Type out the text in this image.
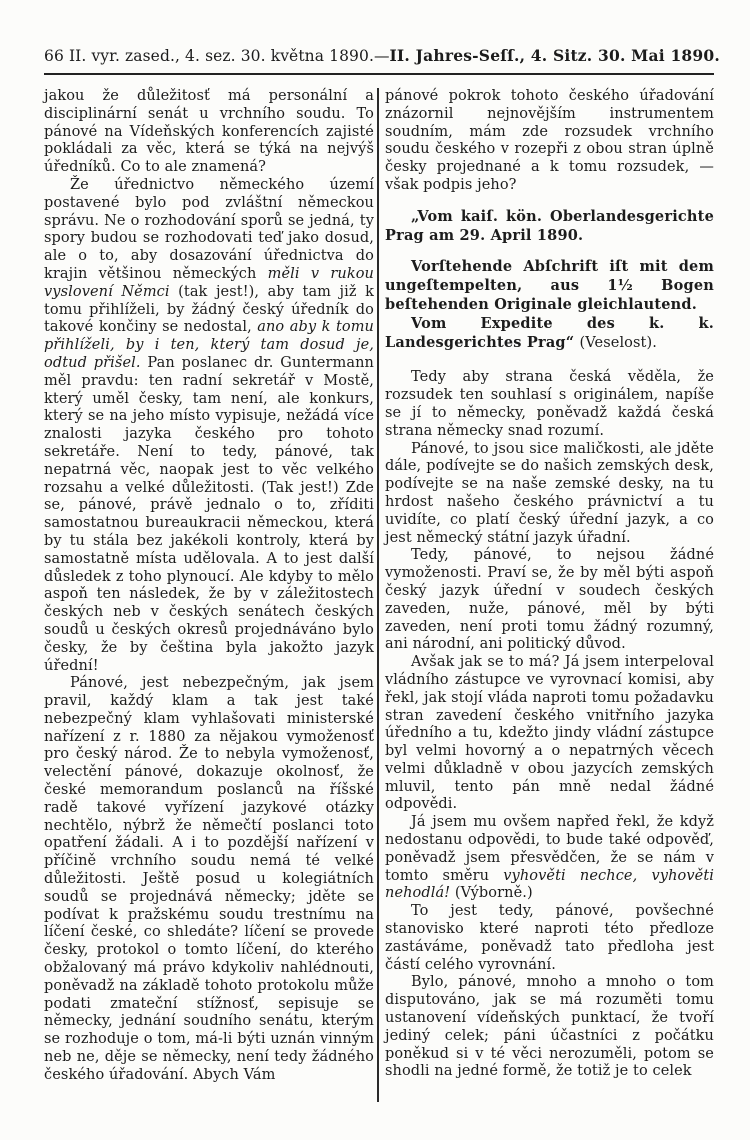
66 II. vyr. zased., 4. sez. 30. května 1890. — II. Jahres-Seſſ., 4. Sitz. 30. Mai 1890.

jakou že důležitosť má personální a disciplinární senát u vrchního soudu. To pánové na Vídeňských konferencích zajisté pokládali za věc, která se týká na nejvýš úředníků. Co to ale znamená?

Že úřednictvo německého území postavené bylo pod zvláštní německou správu. Ne o rozhodování sporů se jedná, ty spory budou se rozhodovati teď jako dosud, ale o to, aby dosazování úřednictva do krajin většinou německých měli v rukou vyslovení Němci (tak jest!), aby tam již k tomu přihlíželi, by žádný český úředník do takové končiny se nedostal, ano aby k tomu přihlíželi, by i ten, který tam dosud je, odtud přišel. Pan poslanec dr. Guntermann měl pravdu: ten radní sekretář v Mostě, který uměl česky, tam není, ale konkurs, který se na jeho místo vypisuje, nežádá více znalosti jazyka českého pro tohoto sekretáře. Není to tedy, pánové, tak nepatrná věc, naopak jest to věc velkého rozsahu a velké důležitosti. (Tak jest!) Zde se, pánové, právě jednalo o to, zříditi samostatnou bureaukracii německou, která by tu stála bez jakékoli kontroly, která by samostatně místa udělovala. A to jest další důsledek z toho plynoucí. Ale kdyby to mělo aspoň ten následek, že by v záležitostech českých neb v českých senátech českých soudů u českých okresů projednáváno bylo česky, že by čeština byla jakožto jazyk úřední!

Pánové, jest nebezpečným, jak jsem pravil, každý klam a tak jest také nebezpečný klam vyhlašovati ministerské nařízení z r. 1880 za nějakou vymoženosť pro český národ. Že to nebyla vymoženosť, velectění pánové, dokazuje okolnosť, že české memorandum poslanců na říšské radě takové vyřízení jazykové otázky nechtělo, nýbrž že němečtí poslanci toto opatření žádali. A i to pozdější nařízení v příčině vrchního soudu nemá té velké důležitosti. Ještě posud u kolegiátních soudů se projednává německy; jděte se podívat k pražskému soudu trestnímu na líčení české, co shledáte? líčení se provede česky, protokol o tomto líčení, do kterého obžalovaný má právo kdykoliv nahlédnouti, poněvadž na základě tohoto protokolu může podati zmateční stížnosť, sepisuje se německy, jednání soudního senátu, kterým se rozhoduje o tom, má-li býti uznán vinným neb ne, děje se německy, není tedy žádného českého úřadování. Abych Vám

pánové pokrok tohoto českého úřadování znázornil nejnovějším instrumentem soudním, mám zde rozsudek vrchního soudu českého v rozepři z obou stran úplně česky projednané a k tomu rozsudek, — však podpis jeho?

„Vom kaiſ. kön. Oberlandesgerichte Prag am 29. April 1890.

Vorſtehende Abſchrift iſt mit dem ungeſtempelten, aus 1½ Bogen beſtehenden Originale gleichlautend.

Vom Expedite des k. k. Landesgerichtes Prag“ (Veselost).

Tedy aby strana česká věděla, že rozsudek ten souhlasí s originálem, napíše se jí to německy, poněvadž každá česká strana německy snad rozumí.

Pánové, to jsou sice maličkosti, ale jděte dále, podívejte se do našich zemských desk, podívejte se na naše zemské desky, na tu hrdost našeho českého právnictví a tu uvidíte, co platí český úřední jazyk, a co jest německý státní jazyk úřadní.

Tedy, pánové, to nejsou žádné vymoženosti. Praví se, že by měl býti aspoň český jazyk úřední v soudech českých zaveden, nuže, pánové, měl by býti zaveden, není proti tomu žádný rozumný, ani národní, ani politický důvod.

Avšak jak se to má? Já jsem interpeloval vládního zástupce ve vyrovnací komisi, aby řekl, jak stojí vláda naproti tomu požadavku stran zavedení českého vnitřního jazyka úředního a tu, kdežto jindy vládní zástupce byl velmi hovorný a o nepatrných věcech velmi důkladně v obou jazycích zemských mluvil, tento pán mně nedal žádné odpovědi.

Já jsem mu ovšem napřed řekl, že když nedostanu odpovědi, to bude také odpověď, poněvadž jsem přesvědčen, že se nám v tomto směru vyhověti nechce, vyhověti nehodlá! (Výborně.)

To jest tedy, pánové, povšechné stanovisko které naproti této předloze zastáváme, poněvadž tato předloha jest částí celého vyrovnání.

Bylo, pánové, mnoho a mnoho o tom disputováno, jak se má rozuměti tomu ustanovení vídeňských punktací, že tvoří jediný celek; páni účastníci z počátku poněkud si v té věci nerozuměli, potom se shodli na jedné formě, že totiž je to celek
